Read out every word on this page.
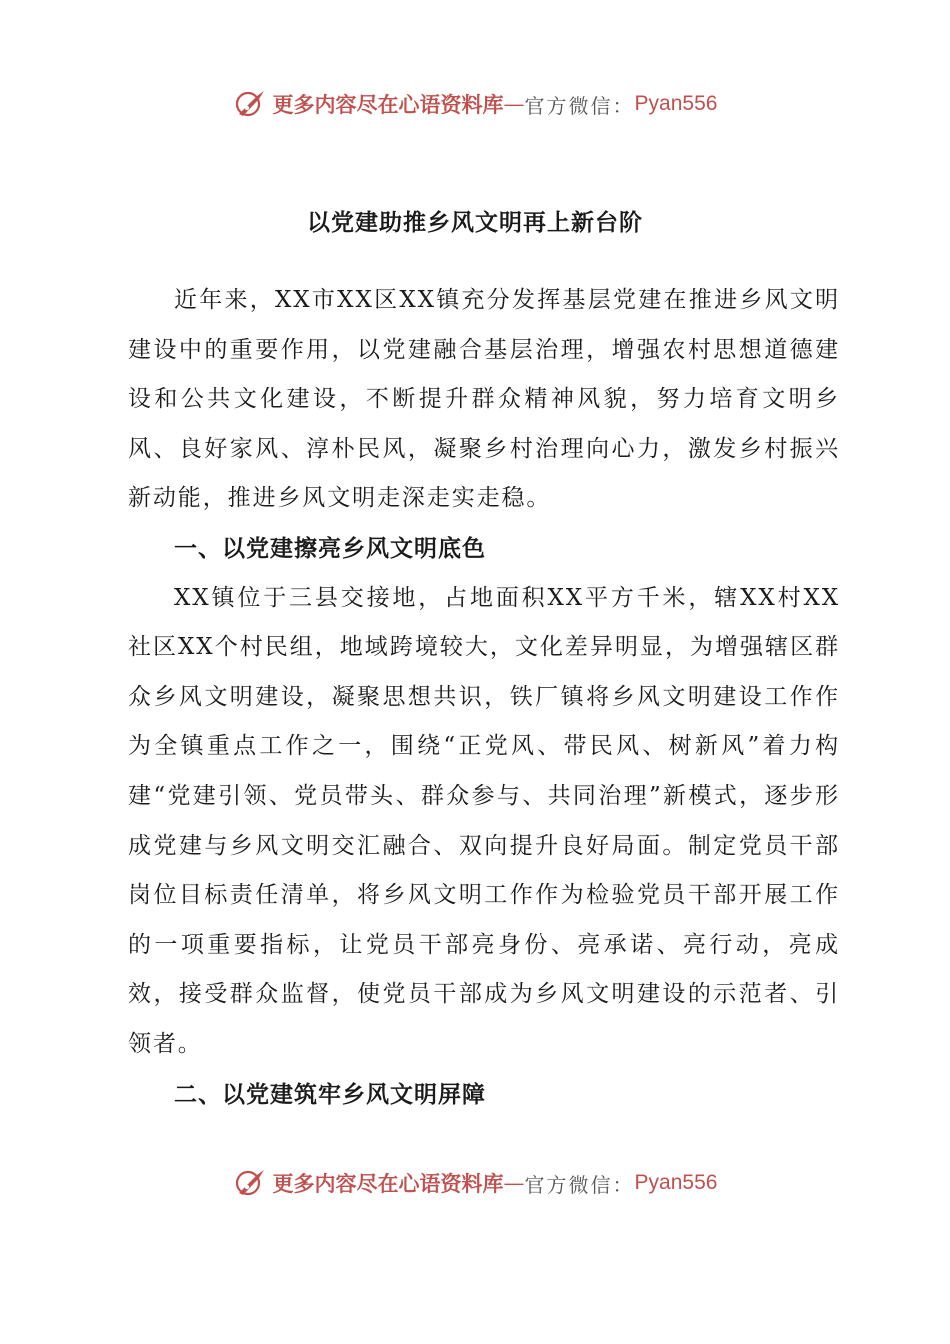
更多内容尽在心语资料库 — 官方微信： Pyan556
以党建助推乡风文明再上新台阶

近年来，XX市XX区XX镇充分发挥基层党建在推进乡风文明建设中的重要作用，以党建融合基层治理，增强农村思想道德建设和公共文化建设，不断提升群众精神风貌，努力培育文明乡风、良好家风、淳朴民风，凝聚乡村治理向心力，激发乡村振兴新动能，推进乡风文明走深走实走稳。

一、以党建擦亮乡风文明底色

XX镇位于三县交接地，占地面积XX平方千米，辖XX村XX社区XX个村民组，地域跨境较大，文化差异明显，为增强辖区群众乡风文明建设，凝聚思想共识，铁厂镇将乡风文明建设工作作为全镇重点工作之一，围绕“正党风、带民风、树新风”着力构建“党建引领、党员带头、群众参与、共同治理”新模式，逐步形成党建与乡风文明交汇融合、双向提升良好局面。制定党员干部岗位目标责任清单，将乡风文明工作作为检验党员干部开展工作的一项重要指标，让党员干部亮身份、亮承诺、亮行动，亮成效，接受群众监督，使党员干部成为乡风文明建设的示范者、引领者。

二、以党建筑牢乡风文明屏障

更多内容尽在心语资料库 — 官方微信： Pyan556
